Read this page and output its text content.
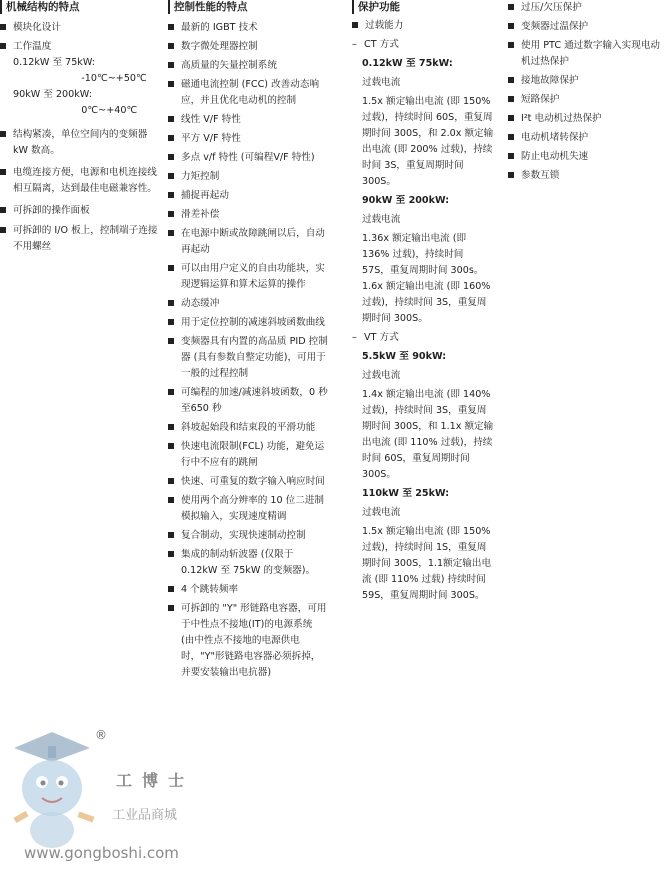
机械结构的特点
模块化设计
工作温度
0.12kW 至 75kW:
-10℃~+50℃
90kW 至 200kW:
0℃~+40℃
结构紧凑，单位空间内的变频器 kW 数高。
电缆连接方便，电源和电机连接线相互隔离，达到最佳电磁兼容性。
可拆卸的操作面板
可拆卸的 I/O 板上，控制端子连接不用螺丝
控制性能的特点
最新的 IGBT 技术
数字微处理器控制
高质量的矢量控制系统
磁通电流控制 (FCC) 改善动态响应，并且优化电动机的控制
线性 V/F 特性
平方 V/F 特性
多点 v/f 特性 (可编程V/F 特性)
力矩控制
捕捉再起动
滑差补偿
在电源中断或故障跳闸以后，自动再起动
可以由用户定义的自由功能块，实现逻辑运算和算术运算的操作
动态缓冲
用于定位控制的减速斜坡函数曲线
变频器具有内置的高品质 PID 控制器 (具有参数自整定功能)，可用于一般的过程控制
可编程的加速/减速斜坡函数，0 秒至650 秒
斜坡起始段和结束段的平滑功能
快速电流限制(FCL) 功能，避免运行中不应有的跳闸
快速、可重复的数字输入响应时间
使用两个高分辨率的 10 位二进制模拟输入，实现速度精调
复合制动，实现快速制动控制
集成的制动斩波器 (仅限于 0.12kW 至 75kW 的变频器)。
4 个跳转频率
可拆卸的 "Y" 形链路电容器，可用于中性点不接地(IT)的电源系统 (由中性点不接地的电源供电时，"Y"形链路电容器必须拆掉，并要安装输出电抗器)
保护功能
过载能力
– CT 方式
0.12kW 至 75kW:
过载电流
1.5x 额定输出电流 (即 150% 过载)，持续时间 60S，重复周期时间 300S，和 2.0x 额定输出电流 (即 200% 过载)，持续时间 3S，重复周期时间 300S。
90kW 至 200kW:
过载电流
1.36x 额定输出电流 (即 136% 过载)，持续时间 57S，重复周期时间 300s。1.6x 额定输出电流 (即 160% 过载)，持续时间 3S，重复周期时间 300S。
– VT 方式
5.5kW 至 90kW:
过载电流
1.4x 额定输出电流 (即 140% 过载)，持续时间 3S，重复周期时间 300S，和 1.1x 额定输出电流 (即 110% 过载)，持续时间 60S，重复周期时间 300S。
110kW 至 25kW:
过载电流
1.5x 额定输出电流 (即 150% 过载)，持续时间 1S，重复周期时间 300S，1.1额定输出电流 (即 110% 过载) 持续时间 59S，重复周期时间 300S。
过压/欠压保护
变频器过温保护
使用 PTC 通过数字输入实现电动机过热保护
接地故障保护
短路保护
I²t 电动机过热保护
电动机堵转保护
防止电动机失速
参数互锁
®
工博士
工业品商城
www.gongboshi.com
